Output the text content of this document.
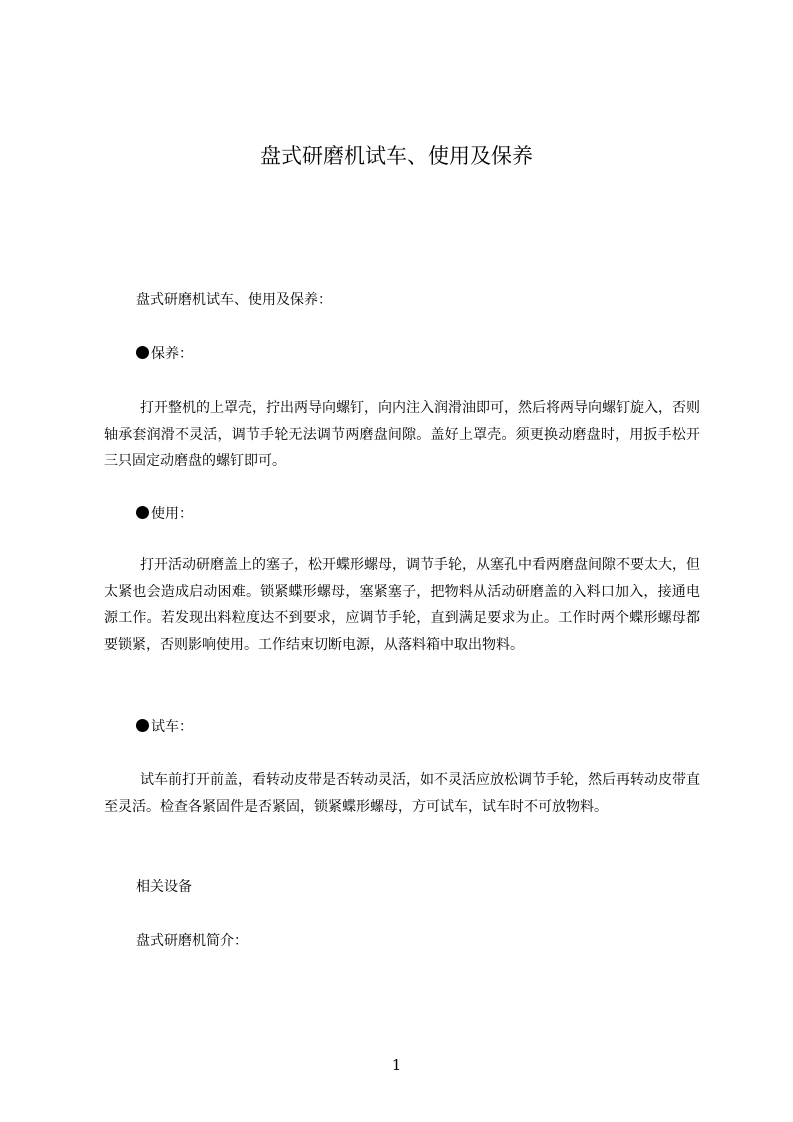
盘式研磨机试车、使用及保养

盘式研磨机试车、使用及保养：

保养：

打开整机的上罩壳，拧出两导向螺钉，向内注入润滑油即可，然后将两导向螺钉旋入，否则轴承套润滑不灵活，调节手轮无法调节两磨盘间隙。盖好上罩壳。须更换动磨盘时，用扳手松开三只固定动磨盘的螺钉即可。

使用：

打开活动研磨盖上的塞子，松开蝶形螺母，调节手轮，从塞孔中看两磨盘间隙不要太大，但太紧也会造成启动困难。锁紧蝶形螺母，塞紧塞子，把物料从活动研磨盖的入料口加入，接通电源工作。若发现出料粒度达不到要求，应调节手轮，直到满足要求为止。工作时两个蝶形螺母都要锁紧，否则影响使用。工作结束切断电源，从落料箱中取出物料。

试车：

试车前打开前盖，看转动皮带是否转动灵活，如不灵活应放松调节手轮，然后再转动皮带直至灵活。检查各紧固件是否紧固，锁紧蝶形螺母，方可试车，试车时不可放物料。

相关设备

盘式研磨机简介：

1
